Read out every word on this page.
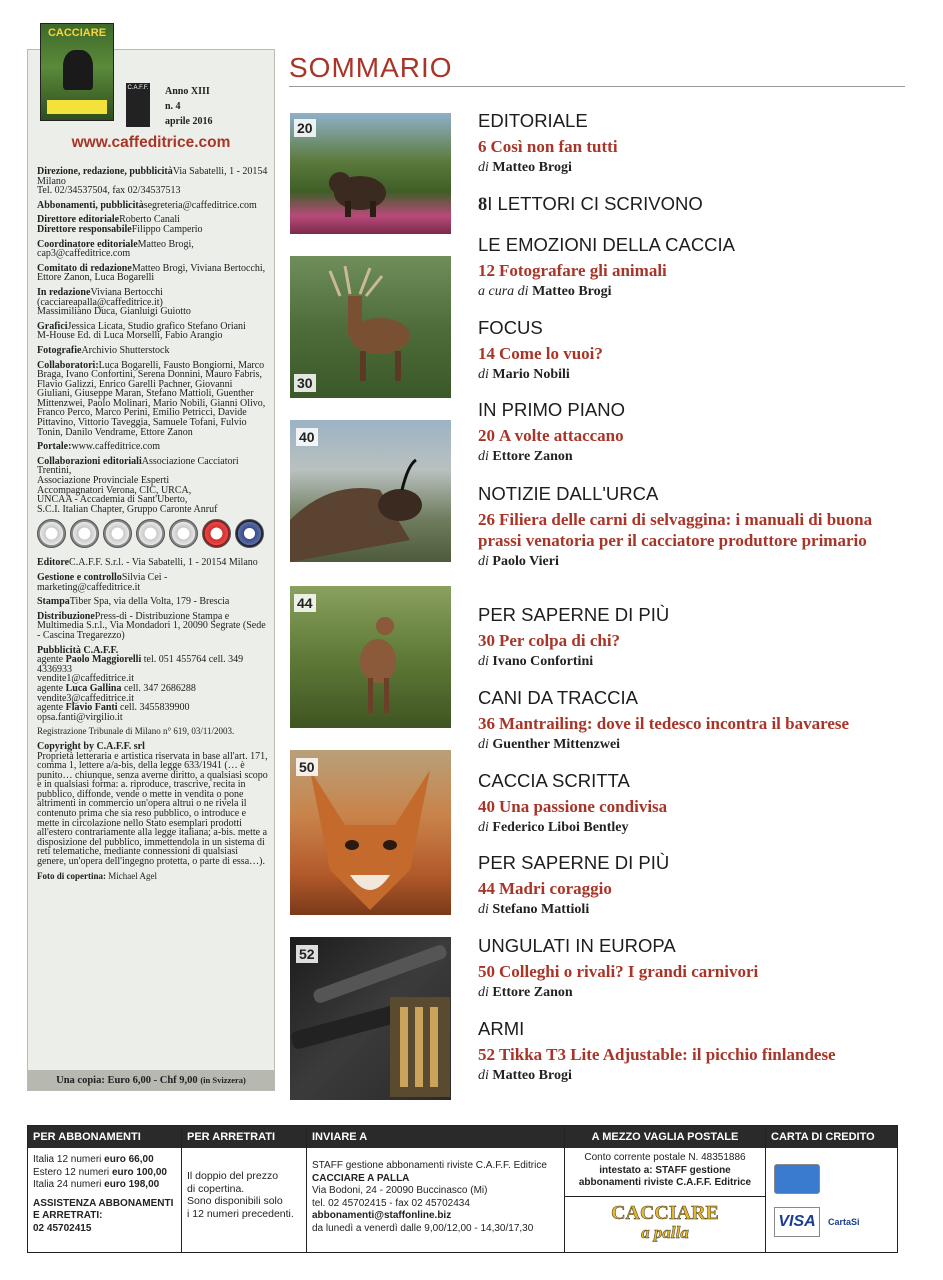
CACCIARE
C.A.F.F. Anno XIII
n. 4
aprile 2016
www.caffeditrice.com
Direzione, redazione, pubblicitàVia Sabatelli, 1 - 20154 Milano
Tel. 02/34537504, fax 02/34537513
Abbonamenti, pubblicitàsegreteria@caffeditrice.com
Direttore editorialeRoberto Canali
Direttore responsabileFilippo Camperio
Coordinatore editorialeMatteo Brogi, cap3@caffeditrice.com
Comitato di redazioneMatteo Brogi, Viviana Bertocchi,
Ettore Zanon, Luca Bogarelli
In redazioneViviana Bertocchi
(cacciareapalla@caffeditrice.it)
Massimiliano Duca, Gianluigi Guiotto
GraficiJessica Licata, Studio grafico Stefano Oriani
M-House Ed. di Luca Morselli, Fabio Arangio
FotografieArchivio Shutterstock
Collaboratori:Luca Bogarelli, Fausto Bongiorni, Marco Braga, Ivano Confortini, Serena Donnini, Mauro Fabris, Flavio Galizzi, Enrico Garelli Pachner, Giovanni Giuliani, Giuseppe Maran, Stefano Mattioli, Guenther Mittenzwei, Paolo Molinari, Mario Nobili, Gianni Olivo, Franco Perco, Marco Perini, Emilio Petricci, Davide Pittavino, Vittorio Taveggia, Samuele Tofani, Fulvio Tonin, Danilo Vendrame, Ettore Zanon
Portale:www.caffeditrice.com
Collaborazioni editorialiAssociazione Cacciatori Trentini,
Associazione Provinciale Esperti
Accompagnatori Verona, CIC, URCA,
UNCAA - Accademia di Sant'Uberto,
S.C.I. Italian Chapter, Gruppo Caronte Anruf
EditoreC.A.F.F. S.r.l. - Via Sabatelli, 1 - 20154 Milano
Gestione e controlloSilvia Cei - marketing@caffeditrice.it
StampaTiber Spa, via della Volta, 179 - Brescia
DistribuzionePress-di - Distribuzione Stampa e Multimedia S.r.l., Via Mondadori 1, 20090 Segrate (Sede - Cascina Tregarezzo)
Pubblicità C.A.F.F.
agente Paolo Maggiorelli tel. 051 455764 cell. 349 4336933
vendite1@caffeditrice.it
agente Luca Gallina cell. 347 2686288
vendite3@caffeditrice.it
agente Flavio Fanti cell. 3455839900
opsa.fanti@virgilio.it
Registrazione Tribunale di Milano n° 619, 03/11/2003.
Copyright by C.A.F.F. srl
Proprietà letteraria e artistica riservata in base all'art. 171, comma 1, lettere a/a-bis, della legge 633/1941 (… è punito… chiunque, senza averne diritto, a qualsiasi scopo e in qualsiasi forma: a. riproduce, trascrive, recita in pubblico, diffonde, vende o mette in vendita o pone altrimenti in commercio un'opera altrui o ne rivela il contenuto prima che sia reso pubblico, o introduce e mette in circolazione nello Stato esemplari prodotti all'estero contrariamente alla legge italiana; a-bis. mette a disposizione del pubblico, immettendola in un sistema di reti telematiche, mediante connessioni di qualsiasi genere, un'opera dell'ingegno protetta, o parte di essa…).
Foto di copertina: Michael Agel
Una copia: Euro 6,00 - Chf 9,00 (in Svizzera)
SOMMARIO
20
30
40
44
50
52
EDITORIALE
6 Così non fan tutti
di Matteo Brogi
8I LETTORI CI SCRIVONO
LE EMOZIONI DELLA CACCIA
12 Fotografare gli animali
a cura di Matteo Brogi
FOCUS
14 Come lo vuoi?
di Mario Nobili
IN PRIMO PIANO
20 A volte attaccano
di Ettore Zanon
NOTIZIE DALL'URCA
26 Filiera delle carni di selvaggina: i manuali di buona prassi venatoria per il cacciatore produttore primario
di Paolo Vieri
PER SAPERNE DI PIÙ
30 Per colpa di chi?
di Ivano Confortini
CANI DA TRACCIA
36 Mantrailing: dove il tedesco incontra il bavarese
di Guenther Mittenzwei
CACCIA SCRITTA
40 Una passione condivisa
di Federico Liboi Bentley
PER SAPERNE DI PIÙ
44 Madri coraggio
di Stefano Mattioli
UNGULATI IN EUROPA
50 Colleghi o rivali? I grandi carnivori
di Ettore Zanon
ARMI
52 Tikka T3 Lite Adjustable: il picchio finlandese
di Matteo Brogi
PER ABBONAMENTI
Italia 12 numeri euro 66,00
Estero 12 numeri euro 100,00
Italia 24 numeri euro 198,00
ASSISTENZA ABBONAMENTI
E ARRETRATI:
02 45702415
PER ARRETRATI
Il doppio del prezzo
di copertina.
Sono disponibili solo
i 12 numeri precedenti.
INVIARE A
STAFF gestione abbonamenti riviste C.A.F.F. Editrice
CACCIARE A PALLA
Via Bodoni, 24 - 20090 Buccinasco (Mi)
tel. 02 45702415 - fax 02 45702434
abbonamenti@staffonline.biz
da lunedì a venerdì dalle 9,00/12,00 - 14,30/17,30
A MEZZO VAGLIA POSTALE
Conto corrente postale N. 48351886
intestato a: STAFF gestione
abbonamenti riviste C.A.F.F. Editrice
CACCIARE
a palla
CARTA DI CREDITO
VISA	CartaSi
